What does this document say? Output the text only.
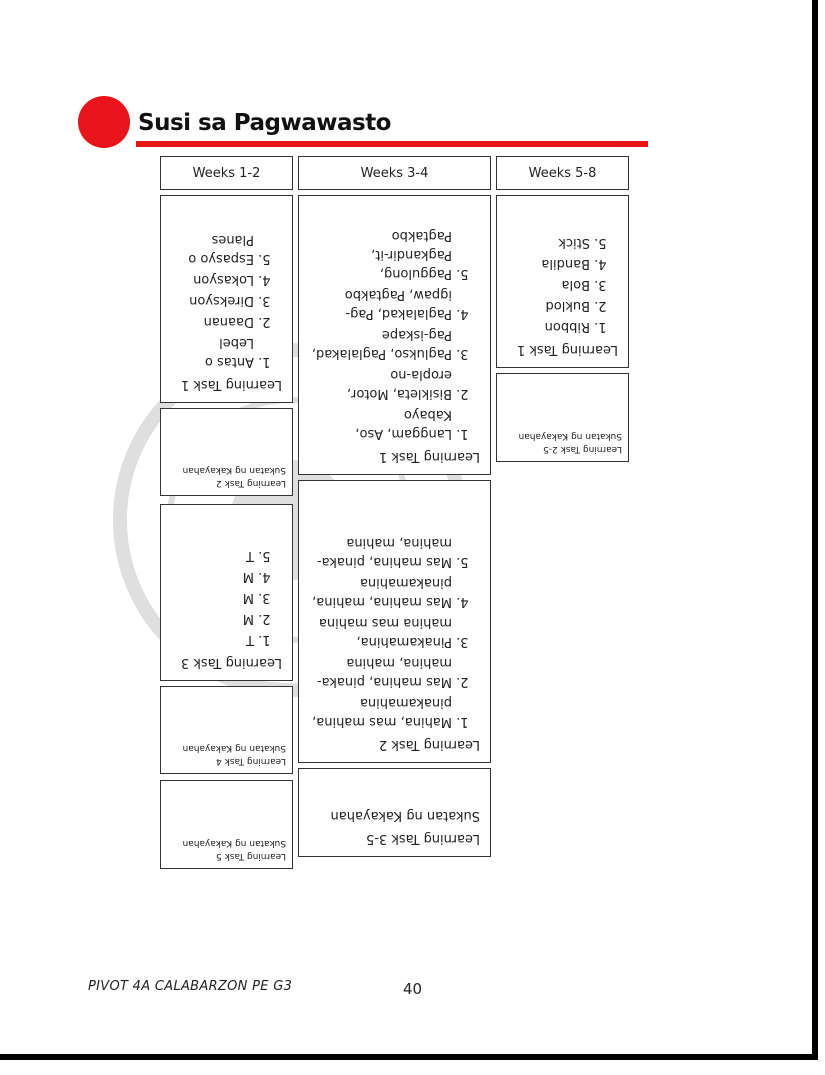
Susi sa Pagwawasto
Weeks 1-2	Weeks 3-4	Weeks 5-8
Learning Task 1
1. Antas o Lebel
2. Daanan
3. Direksyon
4. Lokasyon
5. Espasyo o Planes
Learning Task 2
Sukatan ng Kakayahan
Learning Task 3
1. T
2. M
3. M
4. M
5. T
Learning Task 4
Sukatan ng Kakayahan
Learning Task 5
Sukatan ng Kakayahan
Learning Task 1
1. Langgam, Aso, Kabayo
2. Bisikleta, Motor, eropla-no
3. Paglukso, Paglalakad, Pag-iskape
4. Paglalakad, Pag-igpaw, Pagtakbo
5. Paggulong, Pagkandir-it, Pagtakbo
Learning Task 2
1. Mahina, mas mahina, pinakamahina
2. Mas mahina, pinaka-mahina, mahina
3. Pinakamahina, mahina mas mahina
4. Mas mahina, mahina, pinakamahina
5. Mas mahina, pinaka-mahina, mahina
Learning Task 3-5
Sukatan ng Kakayahan
Learning Task 1
1. Ribbon
2. Buklod
3. Bola
4. Bandila
5. Stick
Learning Task 2-5
Sukatan ng Kakayahan
PIVOT 4A CALABARZON PE G3	40
